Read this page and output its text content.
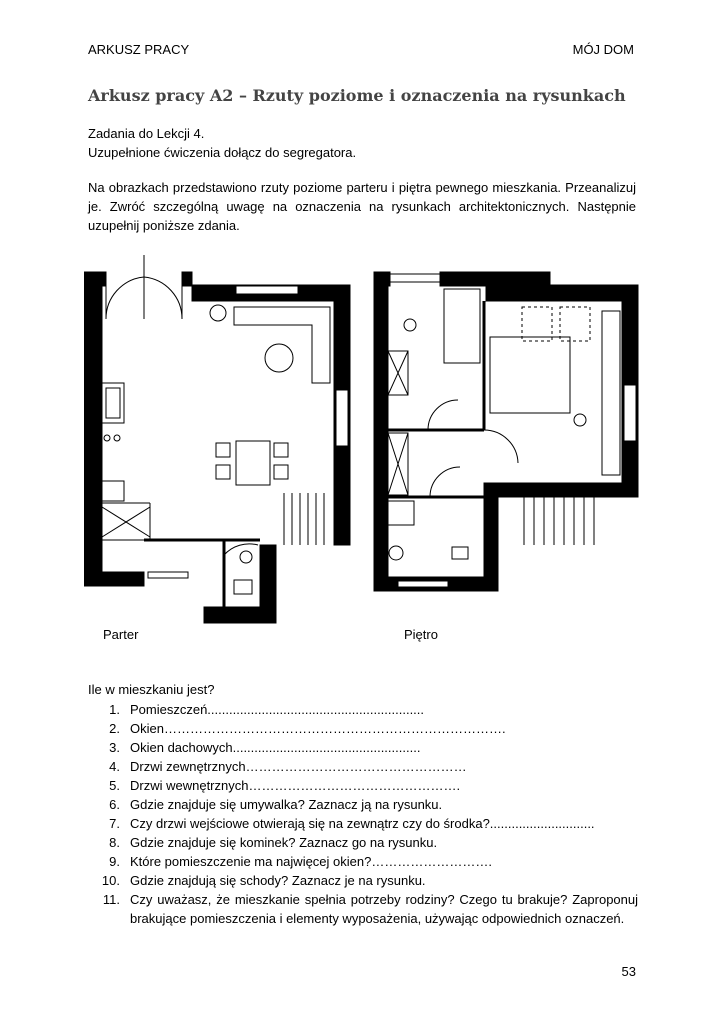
ARKUSZ PRACY	MÓJ DOM
Arkusz pracy A2 – Rzuty poziome i oznaczenia na rysunkach
Zadania do Lekcji 4.
Uzupełnione ćwiczenia dołącz do segregatora.
Na obrazkach przedstawiono rzuty poziome parteru i piętra pewnego mieszkania. Przeanalizuj je. Zwróć szczególną uwagę na oznaczenia na rysunkach architektonicznych. Następnie uzupełnij poniższe zdania.
Parter	Piętro
Ile w mieszkaniu jest?
1. Pomieszczeń............................................................
2. Okien…………………………………………………………………….
3. Okien dachowych....................................................
4. Drzwi zewnętrznych……………………………………………
5. Drzwi wewnętrznych………………………………………….
6. Gdzie znajduje się umywalka? Zaznacz ją na rysunku.
7. Czy drzwi wejściowe otwierają się na zewnątrz czy do środka?.............................
8. Gdzie znajduje się kominek? Zaznacz go na rysunku.
9. Które pomieszczenie ma najwięcej okien?……………………….
10. Gdzie znajdują się schody? Zaznacz je na rysunku.
11. Czy uważasz, że mieszkanie spełnia potrzeby rodziny? Czego tu brakuje? Zaproponuj brakujące pomieszczenia i elementy wyposażenia, używając odpowiednich oznaczeń.
53
